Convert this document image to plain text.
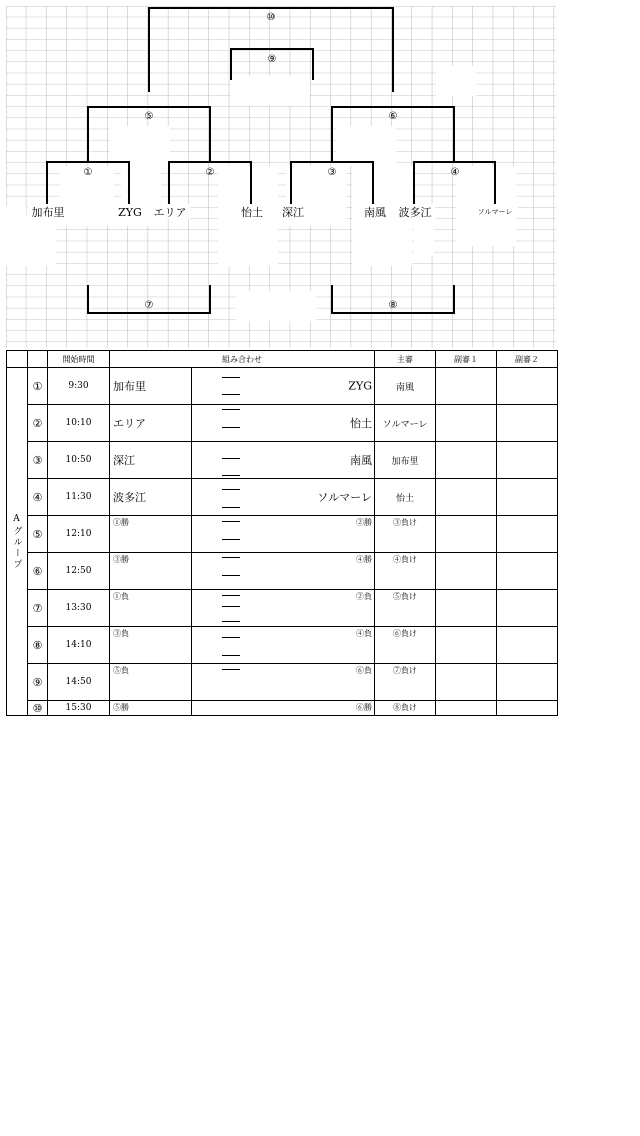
⑩
⑨
⑤	⑥
①	②	③	④
⑦	⑧
加布里	ZYG エリア	怡土 深江	南風 波多江	ソルマーレ
		開始時間	組み合わせ		主審	副審１	副審２
Aグループ	①	9:30	加布里	ZYG	南風		
	②	10:10	エリア	怡土	ソルマーレ		
	③	10:50	深江	南風	加布里		
	④	11:30	波多江	ソルマーレ	怡土		
	⑤	12:10	①勝	②勝	③負け		
	⑥	12:50	③勝	④勝	④負け		
	⑦	13:30	①負	②負	⑤負け		
	⑧	14:10	③負	④負	⑥負け		
	⑨	14:50	⑤負	⑥負	⑦負け		
	⑩	15:30	⑤勝	⑥勝	⑧負け		
